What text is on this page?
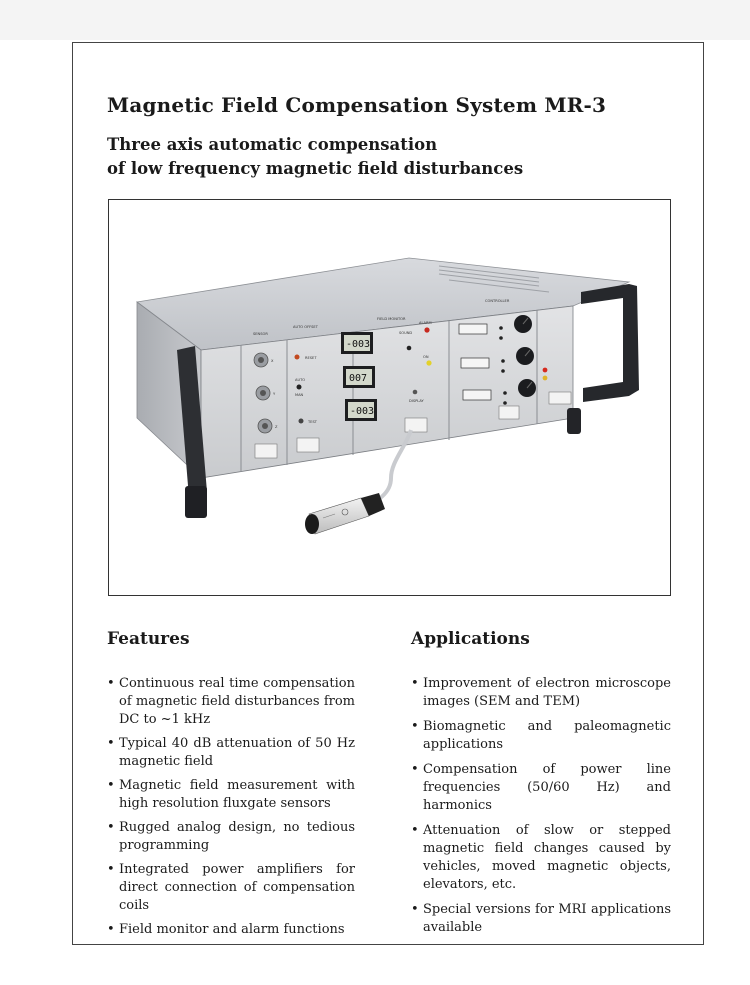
Magnetic Field Compensation System MR-3
Three axis automatic compensation
of low frequency magnetic field disturbances
SENSOR
X
Y
Z
AUTO OFFSET
RESET
AUTO
MAN
TEST
FIELD MONITOR
-003
007
-003
SOUND
ALARM
ON
DISPLAY
CONTROLLER
Features
• Continuous real time compensation of magnetic field disturbances from DC to ~1 kHz
• Typical 40 dB attenuation of 50 Hz magnetic field
• Magnetic field measurement with high resolution fluxgate sensors
• Rugged analog design, no tedious programming
• Integrated power amplifiers for direct connection of compensation coils
• Field monitor and alarm functions
Applications
• Improvement of electron microscope images (SEM and TEM)
• Biomagnetic and paleomagnetic applications
• Compensation of power line frequencies (50/60 Hz) and harmonics
• Attenuation of slow or stepped magnetic field changes caused by vehicles, moved magnetic objects, elevators, etc.
• Special versions for MRI applications available
